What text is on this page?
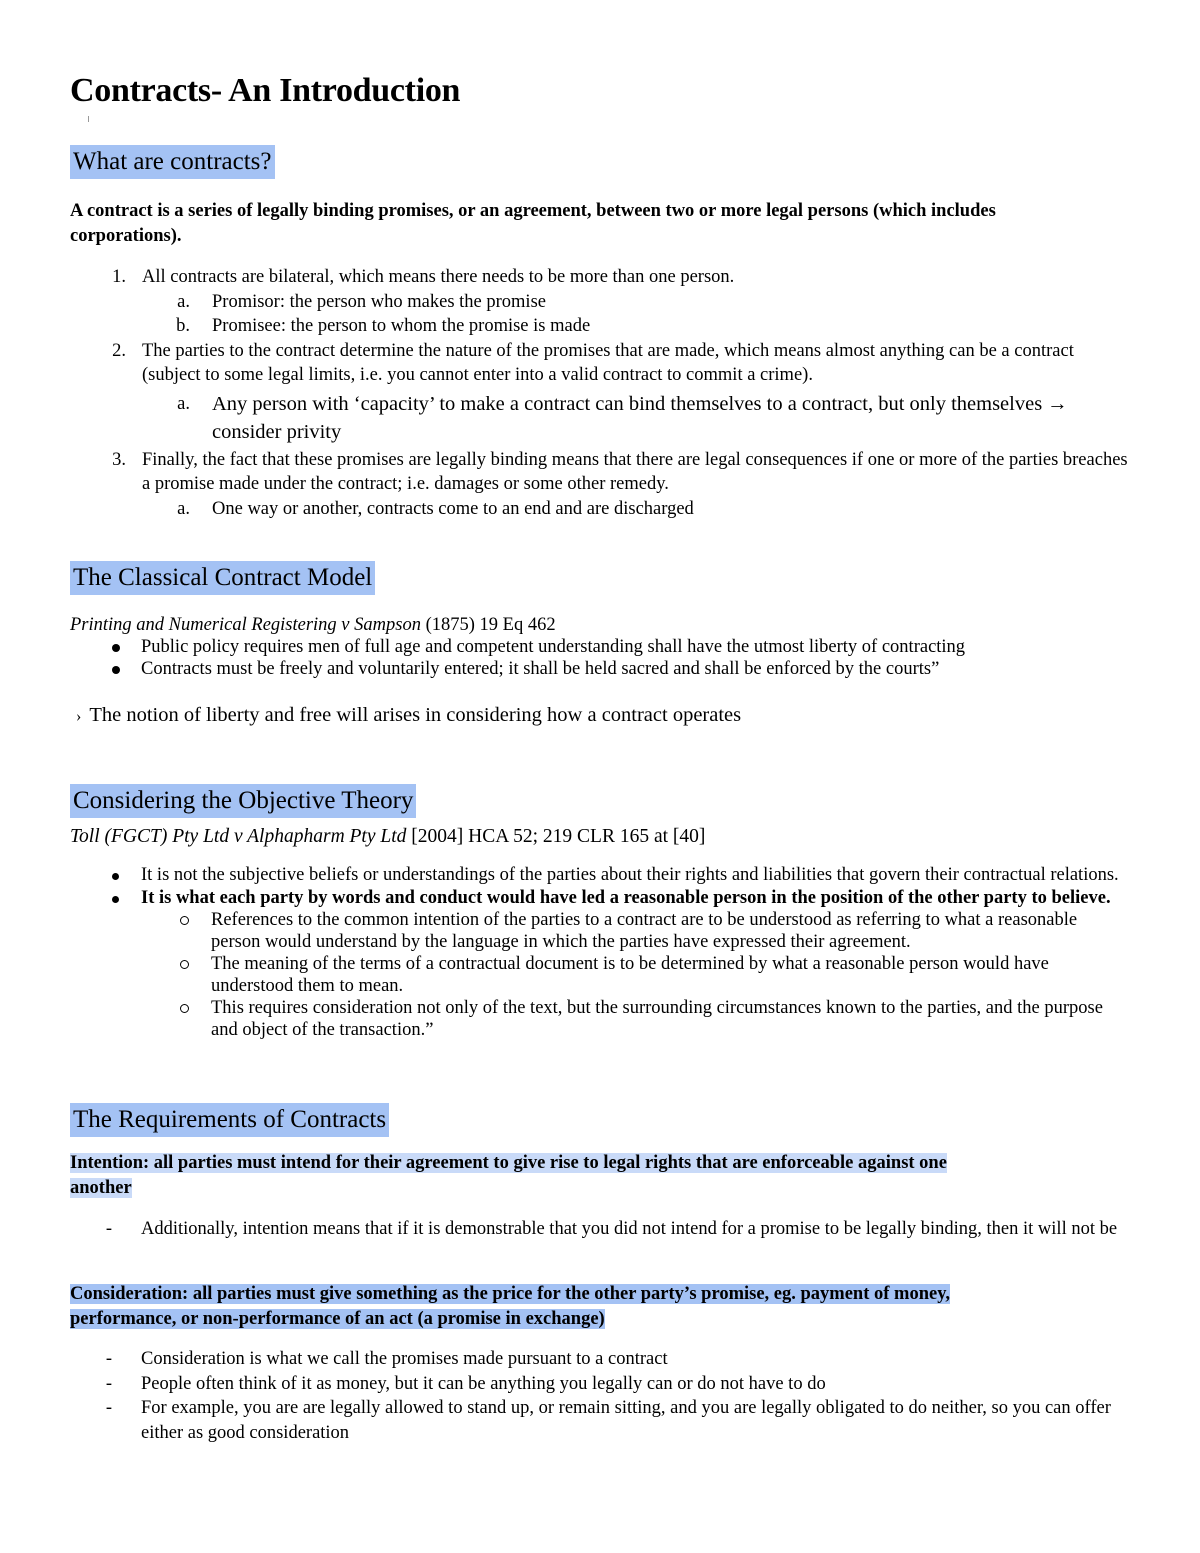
Contracts- An Introduction
What are contracts?
A contract is a series of legally binding promises, or an agreement, between two or more legal persons (which includes corporations).
1. All contracts are bilateral, which means there needs to be more than one person.
a.	Promisor: the person who makes the promise
b.	Promisee: the person to whom the promise is made
2. The parties to the contract determine the nature of the promises that are made, which means almost anything can be a contract (subject to some legal limits, i.e. you cannot enter into a valid contract to commit a crime).
a.	Any person with ‘capacity’ to make a contract can bind themselves to a contract, but only themselves → consider privity
3. Finally, the fact that these promises are legally binding means that there are legal consequences if one or more of the parties breaches a promise made under the contract; i.e. damages or some other remedy.
a.	One way or another, contracts come to an end and are discharged
The Classical Contract Model
Printing and Numerical Registering v Sampson (1875) 19 Eq 462
Public policy requires men of full age and competent understanding shall have the utmost liberty of contracting
Contracts must be freely and voluntarily entered; it shall be held sacred and shall be enforced by the courts”
› The notion of liberty and free will arises in considering how a contract operates
Considering the Objective Theory
Toll (FGCT) Pty Ltd v Alphapharm Pty Ltd [2004] HCA 52; 219 CLR 165 at [40]
It is not the subjective beliefs or understandings of the parties about their rights and liabilities that govern their contractual relations.
It is what each party by words and conduct would have led a reasonable person in the position of the other party to believe.
References to the common intention of the parties to a contract are to be understood as referring to what a reasonable person would understand by the language in which the parties have expressed their agreement.
The meaning of the terms of a contractual document is to be determined by what a reasonable person would have understood them to mean.
This requires consideration not only of the text, but the surrounding circumstances known to the parties, and the purpose and object of the transaction.”
The Requirements of Contracts
Intention: all parties must intend for their agreement to give rise to legal rights that are enforceable against one
another
-	Additionally, intention means that if it is demonstrable that you did not intend for a promise to be legally binding, then it will not be
Consideration: all parties must give something as the price for the other party’s promise, eg. payment of money,
performance, or non-performance of an act (a promise in exchange)
-	Consideration is what we call the promises made pursuant to a contract
-	People often think of it as money, but it can be anything you legally can or do not have to do
-	For example, you are are legally allowed to stand up, or remain sitting, and you are legally obligated to do neither, so you can offer either as good consideration
